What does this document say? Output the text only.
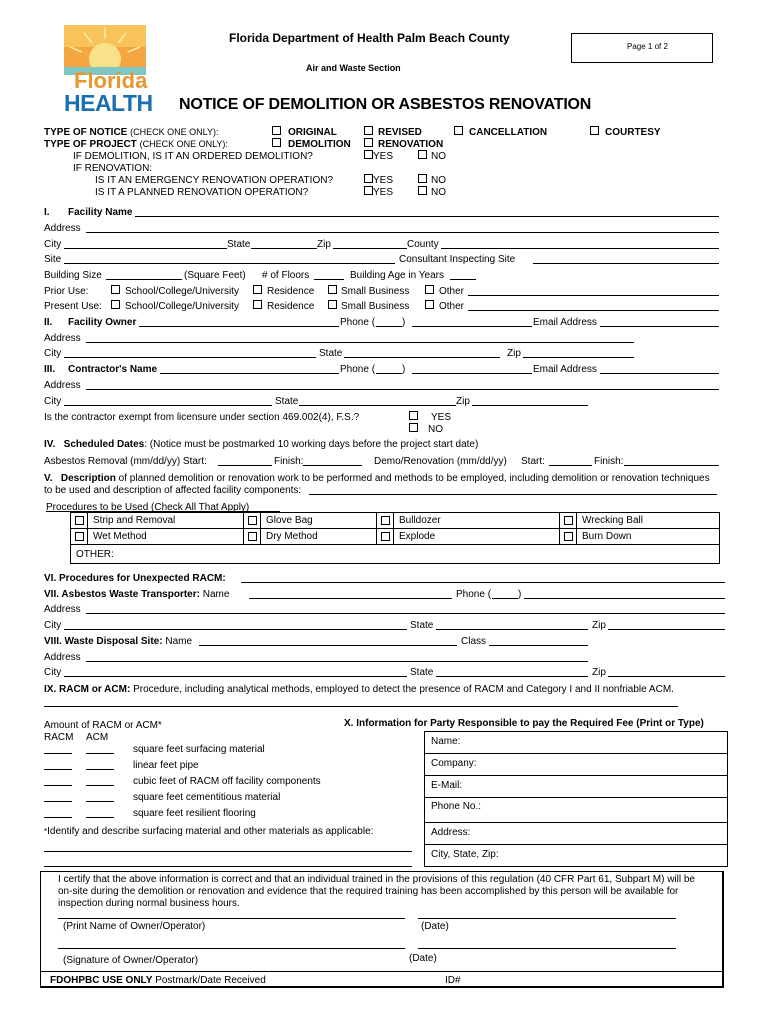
Florida
HEALTH
Florida Department of Health Palm Beach County
Page 1 of 2
Air and Waste Section
NOTICE OF DEMOLITION OR ASBESTOS RENOVATION
TYPE OF NOTICE (CHECK ONE ONLY):
TYPE OF PROJECT (CHECK ONE ONLY):
ORIGINAL	REVISED	CANCELLATION	COURTESY
DEMOLITION	RENOVATION
IF DEMOLITION, IS IT AN ORDERED DEMOLITION?	YES	NO
IF RENOVATION:
IS IT AN EMERGENCY RENOVATION OPERATION?	YES	NO
IS IT A PLANNED RENOVATION OPERATION?	YES	NO
I. Facility Name
Address
City	State	Zip	County
Site	Consultant Inspecting Site
Building Size	(Square Feet) # of Floors	Building Age in Years
Prior Use:	School/College/University	Residence	Small Business	Other
Present Use: School/College/University	Residence	Small Business	Other
II. Facility Owner	Phone (	)	Email Address
Address
City	State	Zip
III. Contractor's Name	Phone (	)	Email Address
Address
City	State	Zip
Is the contractor exempt from licensure under section 469.002(4), F.S.?	YES
NO
IV. Scheduled Dates: (Notice must be postmarked 10 working days before the project start date)
Asbestos Removal (mm/dd/yy) Start:	Finish:	Demo/Renovation (mm/dd/yy) Start:	Finish:
V. Description of planned demolition or renovation work to be performed and methods to be employed, including demolition or renovation techniques
to be used and description of affected facility components:
Procedures to be Used (Check All That Apply)
	Strip and Removal		Glove Bag		Bulldozer		Wrecking Ball
	Wet Method		Dry Method		Explode		Burn Down
OTHER:							
VI. Procedures for Unexpected RACM:
VII. Asbestos Waste Transporter: Name	Phone (	)
Address
City	State	Zip
VIII. Waste Disposal Site: Name	Class
Address
City	State	Zip
IX. RACM or ACM: Procedure, including analytical methods, employed to detect the presence of RACM and Category I and II nonfriable ACM.
Amount of RACM or ACM*
RACM ACM
square feet surfacing material
linear feet pipe
cubic feet of RACM off facility components
square feet cementitious material
square feet resilient flooring
*Identify and describe surfacing material and other materials as applicable:
X. Information for Party Responsible to pay the Required Fee (Print or Type)
Name:
Company:
E-Mail:
Phone No.:
Address:
City, State, Zip:
I certify that the above information is correct and that an individual trained in the provisions of this regulation (40 CFR Part 61, Subpart M) will be
on-site during the demolition or renovation and evidence that the required training has been accomplished by this person will be available for
inspection during normal business hours.
(Print Name of Owner/Operator)	(Date)
(Signature of Owner/Operator)	(Date)
FDOHPBC USE ONLY Postmark/Date Received	ID#
